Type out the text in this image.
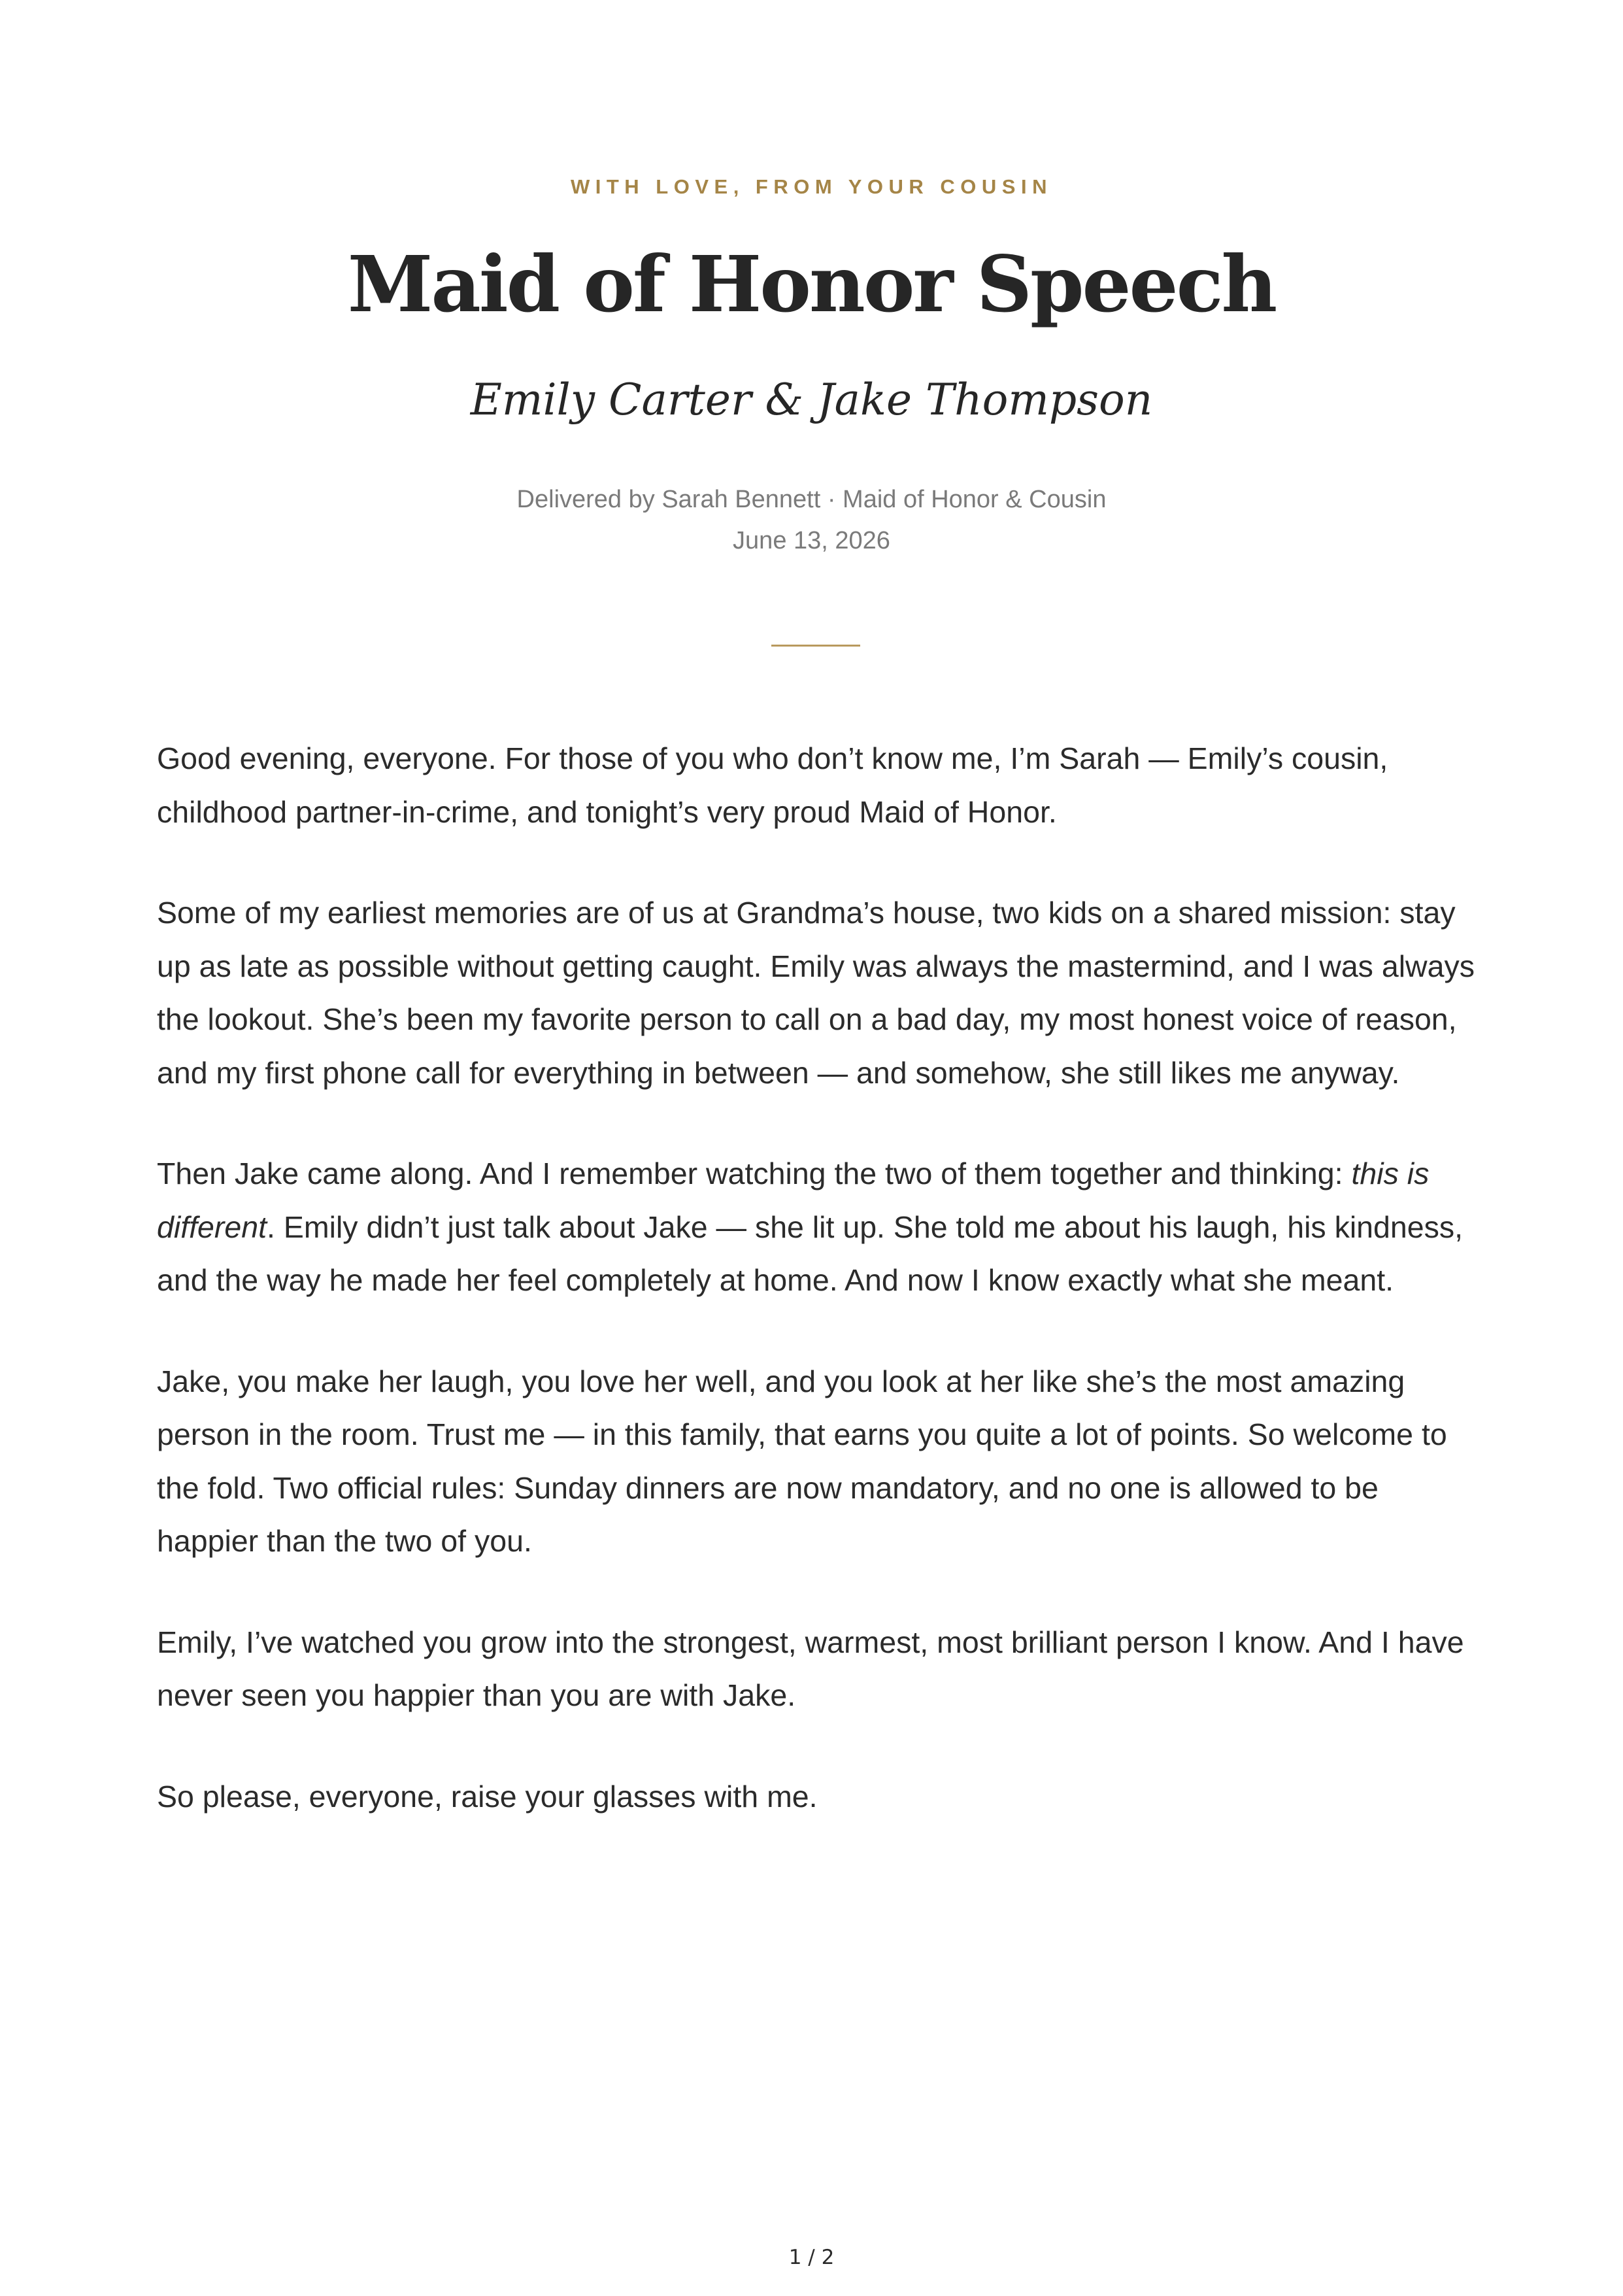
WITH LOVE, FROM YOUR COUSIN
Maid of Honor Speech
Emily Carter & Jake Thompson
Delivered by Sarah Bennett · Maid of Honor & Cousin
June 13, 2026

Good evening, everyone. For those of you who don’t know me, I’m Sarah — Emily’s cousin, childhood partner-in-crime, and tonight’s very proud Maid of Honor.

Some of my earliest memories are of us at Grandma’s house, two kids on a shared mission: stay up as late as possible without getting caught. Emily was always the mastermind, and I was always the lookout. She’s been my favorite person to call on a bad day, my most honest voice of reason, and my first phone call for everything in between — and somehow, she still likes me anyway.

Then Jake came along. And I remember watching the two of them together and thinking: this is different. Emily didn’t just talk about Jake — she lit up. She told me about his laugh, his kindness, and the way he made her feel completely at home. And now I know exactly what she meant.

Jake, you make her laugh, you love her well, and you look at her like she’s the most amazing person in the room. Trust me — in this family, that earns you quite a lot of points. So welcome to the fold. Two official rules: Sunday dinners are now mandatory, and no one is allowed to be happier than the two of you.

Emily, I’ve watched you grow into the strongest, warmest, most brilliant person I know. And I have never seen you happier than you are with Jake.

So please, everyone, raise your glasses with me.

1 / 2
